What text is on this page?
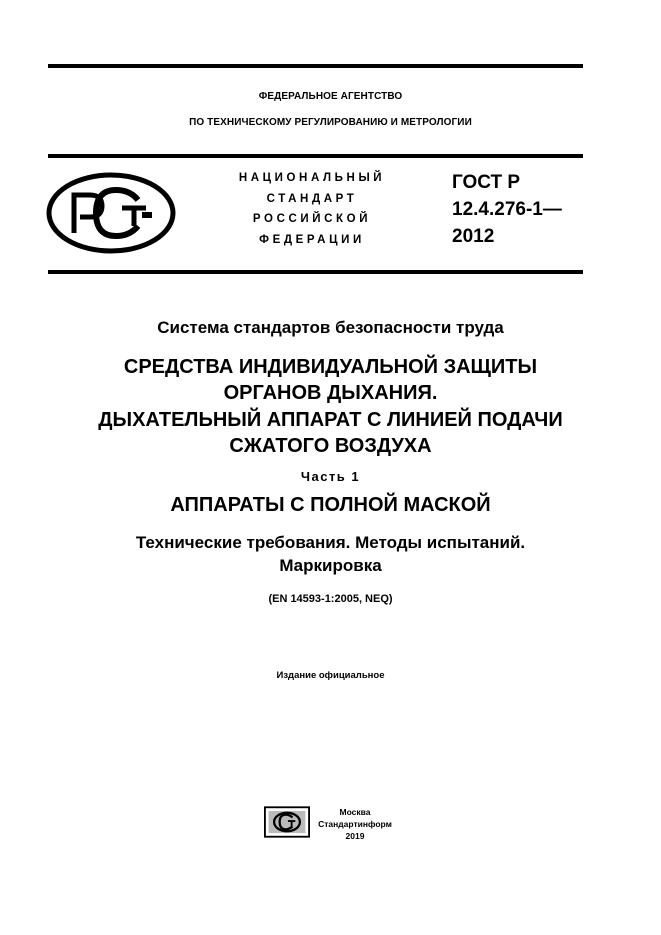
ФЕДЕРАЛЬНОЕ АГЕНТСТВО
ПО ТЕХНИЧЕСКОМУ РЕГУЛИРОВАНИЮ И МЕТРОЛОГИИ
НАЦИОНАЛЬНЫЙ
СТАНДАРТ
РОССИЙСКОЙ
ФЕДЕРАЦИИ
ГОСТ Р
12.4.276-1—
2012
Система стандартов безопасности труда
СРЕДСТВА ИНДИВИДУАЛЬНОЙ ЗАЩИТЫ
ОРГАНОВ ДЫХАНИЯ.
ДЫХАТЕЛЬНЫЙ АППАРАТ С ЛИНИЕЙ ПОДАЧИ
СЖАТОГО ВОЗДУХА
Часть 1
АППАРАТЫ С ПОЛНОЙ МАСКОЙ
Технические требования. Методы испытаний.
Маркировка
(EN 14593-1:2005, NEQ)
Издание официальное
Москва
Стандартинформ
2019
